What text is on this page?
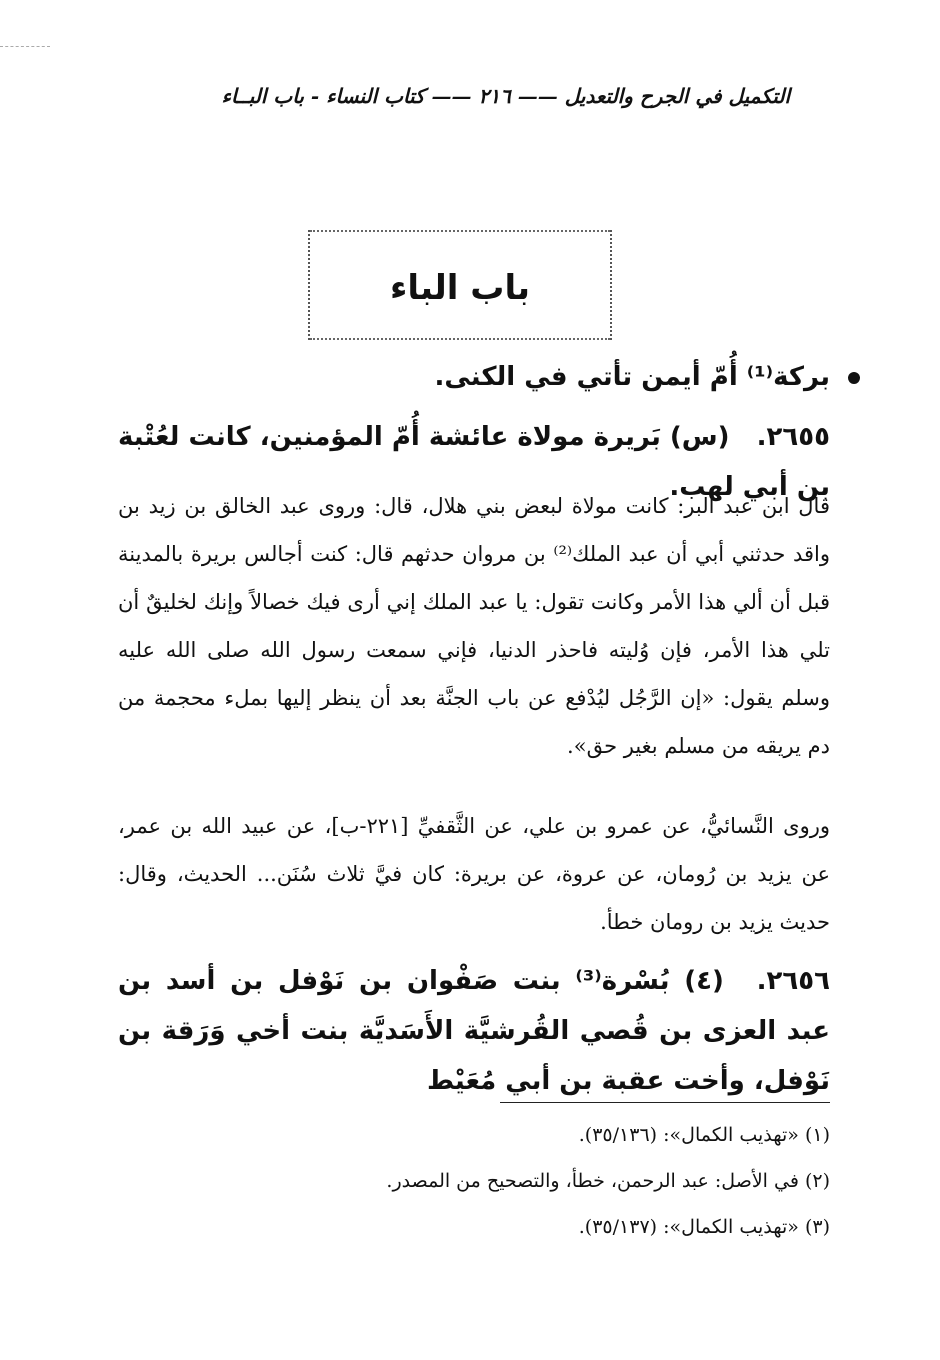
التكميل في الجرح والتعديل —— ٢١٦ —— كتاب النساء - باب البــاء
باب الباء
بركة⁽¹⁾ أُمّ أيمن تأتي في الكنى.
٢٦٥٥. (س) بَريرة مولاة عائشة أُمّ المؤمنين، كانت لعُتْبة بن أبي لهب.

قال ابن عبد البر: كانت مولاة لبعض بني هلال، قال: وروى عبد الخالق بن زيد بن واقد حدثني أبي أن عبد الملك⁽²⁾ بن مروان حدثهم قال: كنت أجالس بريرة بالمدينة قبل أن ألي هذا الأمر وكانت تقول: يا عبد الملك إني أرى فيك خصالاً وإنك لخليقٌ أن تلي هذا الأمر، فإن وُليته فاحذر الدنيا، فإني سمعت رسول الله صلى الله عليه وسلم يقول: «إن الرَّجُل ليُدْفع عن باب الجنَّة بعد أن ينظر إليها بملء محجمة من دم يريقه من مسلم بغير حق».

وروى النَّسائيُّ، عن عمرو بن علي، عن الثَّقفيِّ [٢٢١-ب]، عن عبيد الله بن عمر، عن يزيد بن رُومان، عن عروة، عن بريرة: كان فيَّ ثلاث سُنَن... الحديث، وقال: حديث يزيد بن رومان خطأ.

٢٦٥٦. (٤) بُسْرة⁽³⁾ بنت صَفْوان بن نَوْفل بن أسد بن عبد العزى بن قُصي القُرشيَّة الأَسَديَّة بنت أخي وَرَقة بن نَوْفل، وأخت عقبة بن أبي مُعَيْط
(١) «تهذيب الكمال»: (٣٥/١٣٦).
(٢) في الأصل: عبد الرحمن، خطأ، والتصحيح من المصدر.
(٣) «تهذيب الكمال»: (٣٥/١٣٧).
